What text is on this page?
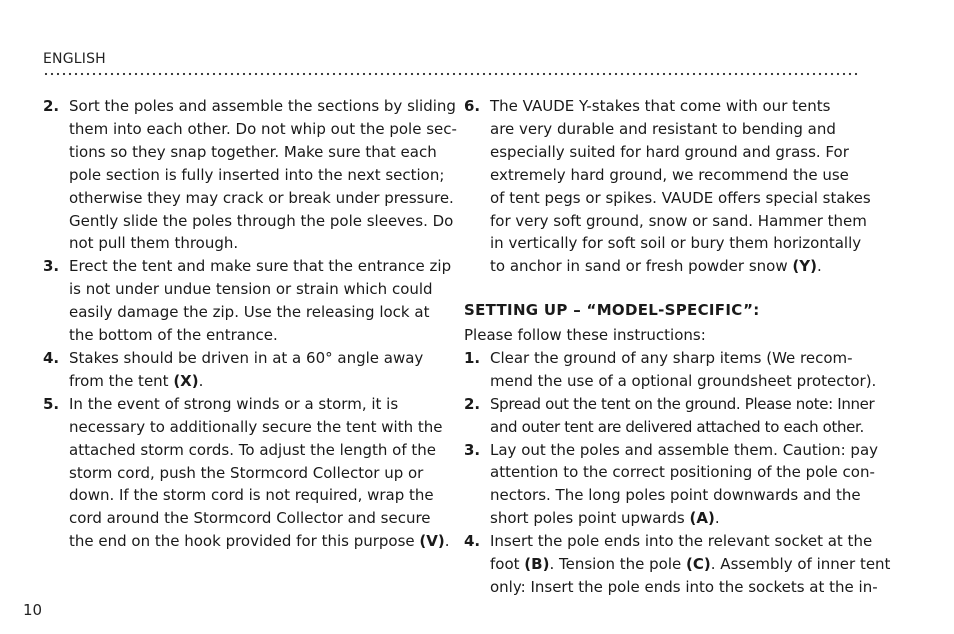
ENGLISH
2. Sort the poles and assemble the sections by sliding
them into each other. Do not whip out the pole sec-
tions so they snap together. Make sure that each
pole section is fully inserted into the next section;
otherwise they may crack or break under pressure.
Gently slide the poles through the pole sleeves. Do
not pull them through.
3. Erect the tent and make sure that the entrance zip
is not under undue tension or strain which could
easily damage the zip. Use the releasing lock at
the bottom of the entrance.
4. Stakes should be driven in at a 60° angle away
from the tent (X).
5. In the event of strong winds or a storm, it is
necessary to additionally secure the tent with the
attached storm cords. To adjust the length of the
storm cord, push the Stormcord Collector up or
down. If the storm cord is not required, wrap the
cord around the Stormcord Collector and secure
the end on the hook provided for this purpose (V).
6. The VAUDE Y-stakes that come with our tents
are very durable and resistant to bending and
especially suited for hard ground and grass. For
extremely hard ground, we recommend the use
of tent pegs or spikes. VAUDE offers special stakes
for very soft ground, snow or sand. Hammer them
in vertically for soft soil or bury them horizontally
to anchor in sand or fresh powder snow (Y).
SETTING UP – “MODEL-SPECIFIC”:
Please follow these instructions:
1. Clear the ground of any sharp items (We recom-
mend the use of a optional groundsheet protector).
2. Spread out the tent on the ground. Please note: Inner
and outer tent are delivered attached to each other.
3. Lay out the poles and assemble them. Caution: pay
attention to the correct positioning of the pole con-
nectors. The long poles point downwards and the
short poles point upwards (A).
4. Insert the pole ends into the relevant socket at the
foot (B). Tension the pole (C). Assembly of inner tent
only: Insert the pole ends into the sockets at the in-
10
